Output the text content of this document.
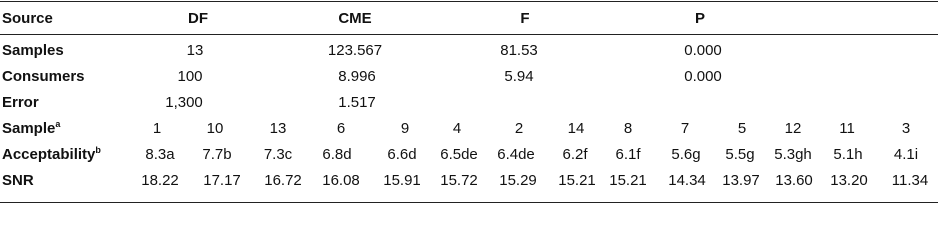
Source	DF	CME	F	P
Samples	13	123.567	81.53	0.000
Consumers	100	8.996	5.94	0.000
Error	1,300	1.517
Sample$^a$	1	10	13	6	9	4	2	14	8	7	5	12	11	3
Acceptability$^b$	8.3a 7.7b 7.3c 6.8d 6.6d 6.5de 6.4de 6.2f 6.1f 5.6g 5.5g 5.3gh 5.1h 4.1i
SNR	18.22 17.17 16.72 16.08 15.91 15.72 15.29 15.21 15.21 14.34 13.97 13.60 13.20 11.34
